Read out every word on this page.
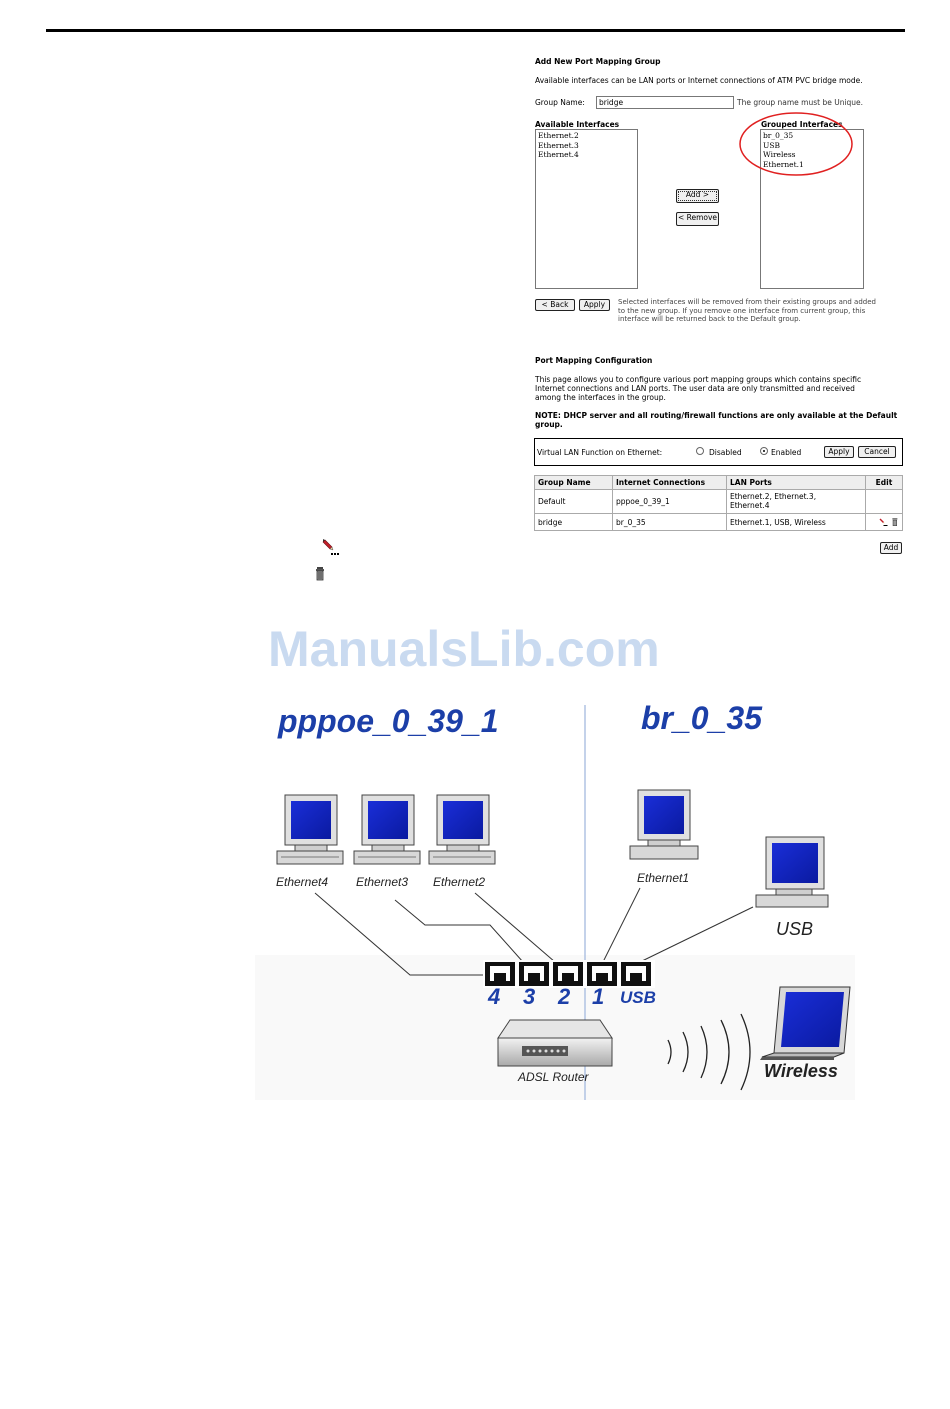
Add New Port Mapping Group
Available interfaces can be LAN ports or Internet connections of ATM PVC bridge mode.
Group Name:	bridge	The group name must be Unique.
Available Interfaces
Ethernet.2
Ethernet.3
Ethernet.4
Grouped Interfaces
br_0_35
USB
Wireless
Ethernet.1
Add >
< Remove
< Back	Apply	Selected interfaces will be removed from their existing groups and added
to the new group. If you remove one interface from current group, this
interface will be returned back to the Default group.
Port Mapping Configuration
This page allows you to configure various port mapping groups which contains specific
Internet connections and LAN ports. The user data are only transmitted and received
among the interfaces in the group.
NOTE: DHCP server and all routing/firewall functions are only available at the Default
group.
Virtual LAN Function on Ethernet:	Disabled	Enabled	Apply	Cancel
Group Name	Internet Connections	LAN Ports	Edit
Default	pppoe_0_39_1	Ethernet.2, Ethernet.3,
Ethernet.4	

bridge	br_0_35	Ethernet.1, USB, Wireless	
Add
ManualsLib.com
pppoe_0_39_1	br_0_35
Ethernet4 Ethernet3 Ethernet2	Ethernet1
USB
Wireless
4 3 2 1 USB
ADSL Router
